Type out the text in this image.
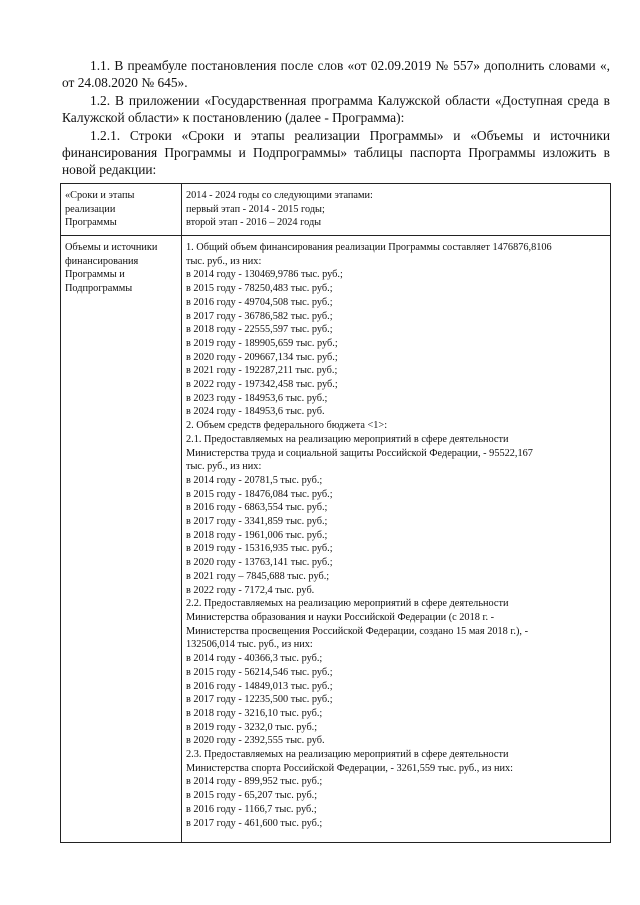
1.1. В преамбуле постановления после слов «от 02.09.2019 № 557» дополнить словами «, от 24.08.2020 № 645».

1.2. В приложении «Государственная программа Калужской области «Доступная среда в Калужской области» к постановлению (далее - Программа):

1.2.1. Строки «Сроки и этапы реализации Программы» и «Объемы и источники финансирования Программы и Подпрограммы» таблицы паспорта Программы изложить в новой редакции:

«Сроки и этапы
реализации
Программы
2014 - 2024 годы со следующими этапами:
первый этап - 2014 - 2015 годы;
второй этап - 2016 – 2024 годы
Объемы и источники
финансирования
Программы и
Подпрограммы
1. Общий объем финансирования реализации Программы составляет 1476876,8106
тыс. руб., из них:
в 2014 году - 130469,9786 тыс. руб.;
в 2015 году - 78250,483 тыс. руб.;
в 2016 году - 49704,508 тыс. руб.;
в 2017 году - 36786,582 тыс. руб.;
в 2018 году - 22555,597 тыс. руб.;
в 2019 году - 189905,659 тыс. руб.;
в 2020 году - 209667,134 тыс. руб.;
в 2021 году - 192287,211 тыс. руб.;
в 2022 году - 197342,458 тыс. руб.;
в 2023 году - 184953,6 тыс. руб.;
в 2024 году - 184953,6 тыс. руб.
2. Объем средств федерального бюджета <1>:
2.1. Предоставляемых на реализацию мероприятий в сфере деятельности
Министерства труда и социальной защиты Российской Федерации, - 95522,167
тыс. руб., из них:
в 2014 году - 20781,5 тыс. руб.;
в 2015 году - 18476,084 тыс. руб.;
в 2016 году - 6863,554 тыс. руб.;
в 2017 году - 3341,859 тыс. руб.;
в 2018 году - 1961,006 тыс. руб.;
в 2019 году - 15316,935 тыс. руб.;
в 2020 году - 13763,141 тыс. руб.;
в 2021 году – 7845,688 тыс. руб.;
в 2022 году - 7172,4 тыс. руб.
2.2. Предоставляемых на реализацию мероприятий в сфере деятельности
Министерства образования и науки Российской Федерации (с 2018 г. -
Министерства просвещения Российской Федерации, создано 15 мая 2018 г.), -
132506,014 тыс. руб., из них:
в 2014 году - 40366,3 тыс. руб.;
в 2015 году - 56214,546 тыс. руб.;
в 2016 году - 14849,013 тыс. руб.;
в 2017 году - 12235,500 тыс. руб.;
в 2018 году - 3216,10 тыс. руб.;
в 2019 году - 3232,0 тыс. руб.;
в 2020 году - 2392,555 тыс. руб.
2.3. Предоставляемых на реализацию мероприятий в сфере деятельности
Министерства спорта Российской Федерации, - 3261,559 тыс. руб., из них:
в 2014 году - 899,952 тыс. руб.;
в 2015 году - 65,207 тыс. руб.;
в 2016 году - 1166,7 тыс. руб.;
в 2017 году - 461,600 тыс. руб.;
